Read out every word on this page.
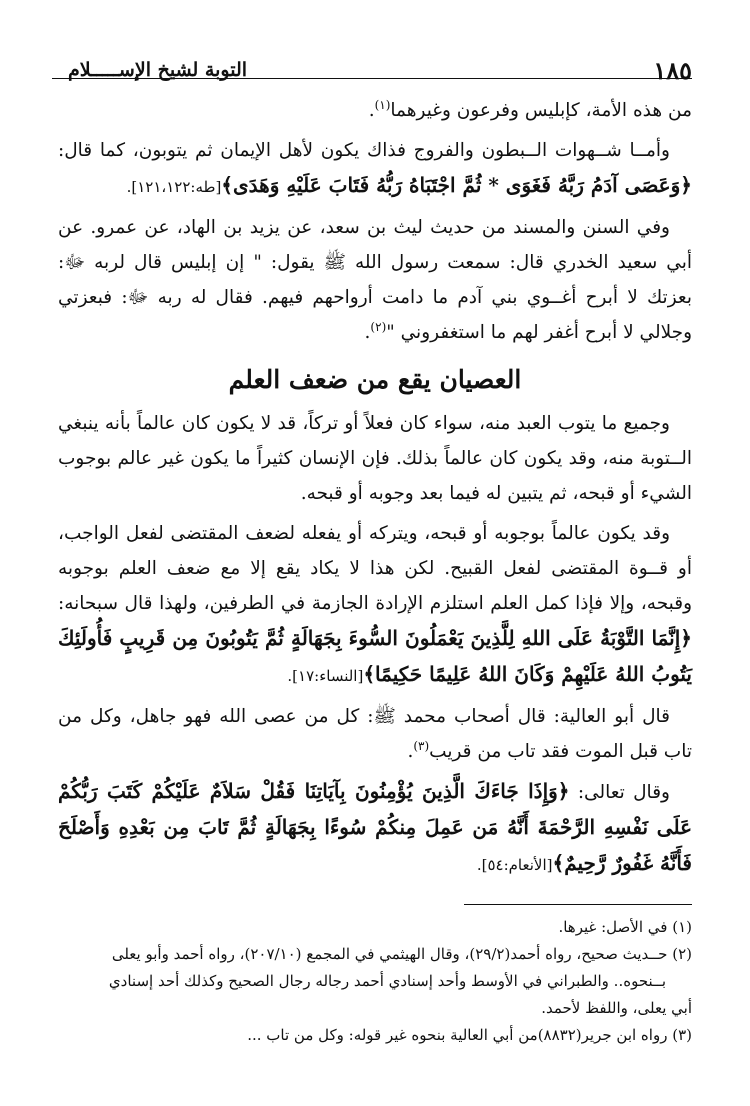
١٨٥
التوبة لشيخ الإســـــلام

من هذه الأمة، كإبليس وفرعون وغيرهما$^{(١)}$.

وأمــا شــهوات الــبطون والفروج فذاك يكون لأهل الإيمان ثم يتوبون، كما قال: ﴿وَعَصَى آدَمُ رَبَّهُ فَغَوَى * ثُمَّ اجْتَبَاهُ رَبُّهُ فَتَابَ عَلَيْهِ وَهَدَى﴾[طه:١٢١،١٢٢].

وفي السنن والمسند من حديث ليث بن سعد، عن يزيد بن الهاد، عن عمرو. عن أبي سعيد الخدري قال: سمعت رسول الله ﷺ يقول: " إن إبليس قال لربه ﷻ: بعزتك لا أبرح أغــوي بني آدم ما دامت أرواحهم فيهم. فقال له ربه ﷻ: فبعزتي وجلالي لا أبرح أغفر لهم ما استغفروني "$^{(٢)}$.

العصيان يقع من ضعف العلم

وجميع ما يتوب العبد منه، سواء كان فعلاً أو تركاً، قد لا يكون كان عالماً بأنه ينبغي الــتوبة منه، وقد يكون كان عالماً بذلك. فإن الإنسان كثيراً ما يكون غير عالم بوجوب الشيء أو قبحه، ثم يتبين له فيما بعد وجوبه أو قبحه.

وقد يكون عالماً بوجوبه أو قبحه، ويتركه أو يفعله لضعف المقتضى لفعل الواجب، أو قــوة المقتضى لفعل القبيح. لكن هذا لا يكاد يقع إلا مع ضعف العلم بوجوبه وقبحه، وإلا فإذا كمل العلم استلزم الإرادة الجازمة في الطرفين، ولهذا قال سبحانه: ﴿إِنَّمَا التَّوْبَةُ عَلَى اللهِ لِلَّذِينَ يَعْمَلُونَ السُّوءَ بِجَهَالَةٍ ثُمَّ يَتُوبُونَ مِن قَرِيبٍ فَأُولَئِكَ يَتُوبُ اللهُ عَلَيْهِمْ وَكَانَ اللهُ عَلِيمًا حَكِيمًا﴾[النساء:١٧].

قال أبو العالية: قال أصحاب محمد ﷺ: كل من عصى الله فهو جاهل، وكل من تاب قبل الموت فقد تاب من قريب$^{(٣)}$.

وقال تعالى: ﴿وَإِذَا جَاءَكَ الَّذِينَ يُؤْمِنُونَ بِآيَاتِنَا فَقُلْ سَلاَمٌ عَلَيْكُمْ كَتَبَ رَبُّكُمْ عَلَى نَفْسِهِ الرَّحْمَةَ أَنَّهُ مَن عَمِلَ مِنكُمْ سُوءًا بِجَهَالَةٍ ثُمَّ تَابَ مِن بَعْدِهِ وَأَصْلَحَ فَأَنَّهُ غَفُورٌ رَّحِيمٌ﴾[الأنعام:٥٤].

(١) في الأصل: غيرها.

(٢) حــديث صحيح، رواه أحمد(٢٩/٢)، وقال الهيثمي في المجمع (٢٠٧/١٠)، رواه أحمد وأبو يعلى

بــنحوه.. والطبراني في الأوسط وأحد إسنادي أحمد رجاله رجال الصحيح وكذلك أحد إسنادي

أبي يعلى، واللفظ لأحمد.

(٣) رواه ابن جرير(٨٨٣٢)من أبي العالية بنحوه غير قوله: وكل من تاب ...
